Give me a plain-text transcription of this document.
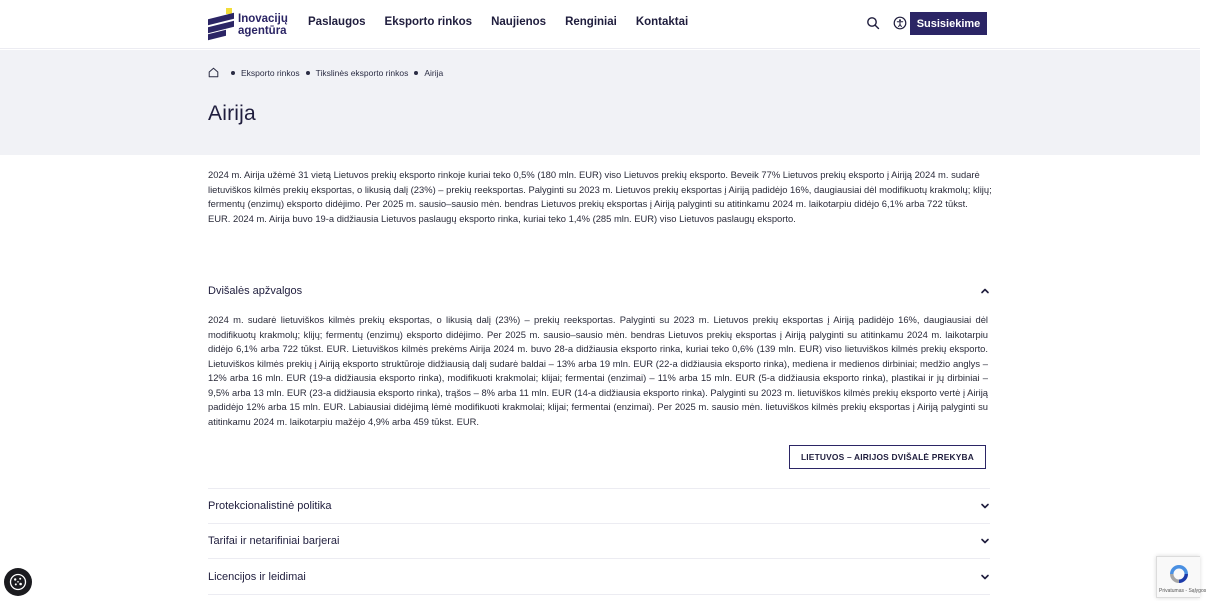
Inovacijų
agentūra
Paslaugos Eksporto rinkos Naujienos Renginiai Kontaktai	Susisiekime
Eksporto rinkos Tikslinės eksporto rinkos Airija
Airija

2024 m. Airija užėmė 31 vietą Lietuvos prekių eksporto rinkoje kuriai teko 0,5% (180 mln. EUR) viso Lietuvos prekių eksporto. Beveik 77% Lietuvos prekių eksporto į Airiją 2024 m. sudarė lietuviškos kilmės prekių eksportas, o likusią dalį (23%) – prekių reeksportas. Palyginti su 2023 m. Lietuvos prekių eksportas į Airiją padidėjo 16%, daugiausiai dėl modifikuotų krakmolų; klijų; fermentų (enzimų) eksporto didėjimo. Per 2025 m. sausio–sausio mėn. bendras Lietuvos prekių eksportas į Airiją palyginti su atitinkamu 2024 m. laikotarpiu didėjo 6,1% arba 722 tūkst. EUR. 2024 m. Airija buvo 19-a didžiausia Lietuvos paslaugų eksporto rinka, kuriai teko 1,4% (285 mln. EUR) viso Lietuvos paslaugų eksporto.

Dvišalės apžvalgos

2024 m. sudarė lietuviškos kilmės prekių eksportas, o likusią dalį (23%) – prekių reeksportas. Palyginti su 2023 m. Lietuvos prekių eksportas į Airiją padidėjo 16%, daugiausiai dėl modifikuotų krakmolų; klijų; fermentų (enzimų) eksporto didėjimo. Per 2025 m. sausio–sausio mėn. bendras Lietuvos prekių eksportas į Airiją palyginti su atitinkamu 2024 m. laikotarpiu didėjo 6,1% arba 722 tūkst. EUR. Lietuviškos kilmės prekėms Airija 2024 m. buvo 28-a didžiausia eksporto rinka, kuriai teko 0,6% (139 mln. EUR) viso lietuviškos kilmės prekių eksporto. Lietuviškos kilmės prekių į Airiją eksporto struktūroje didžiausią dalį sudarė baldai – 13% arba 19 mln. EUR (22-a didžiausia eksporto rinka), mediena ir medienos dirbiniai; medžio anglys – 12% arba 16 mln. EUR (19-a didžiausia eksporto rinka), modifikuoti krakmolai; klijai; fermentai (enzimai) – 11% arba 15 mln. EUR (5-a didžiausia eksporto rinka), plastikai ir jų dirbiniai – 9,5% arba 13 mln. EUR (23-a didžiausia eksporto rinka), trąšos – 8% arba 11 mln. EUR (14-a didžiausia eksporto rinka). Palyginti su 2023 m. lietuviškos kilmės prekių eksporto vertė į Airiją padidėjo 12% arba 15 mln. EUR. Labiausiai didėjimą lėmė modifikuoti krakmolai; klijai; fermentai (enzimai). Per 2025 m. sausio mėn. lietuviškos kilmės prekių eksportas į Airiją palyginti su atitinkamu 2024 m. laikotarpiu mažėjo 4,9% arba 459 tūkst. EUR.

LIETUVOS – AIRIJOS DVIŠALĖ PREKYBA
Protekcionalistinė politika
Tarifai ir netarifiniai barjerai
Licencijos ir leidimai
Privatumas - Sąlygos
